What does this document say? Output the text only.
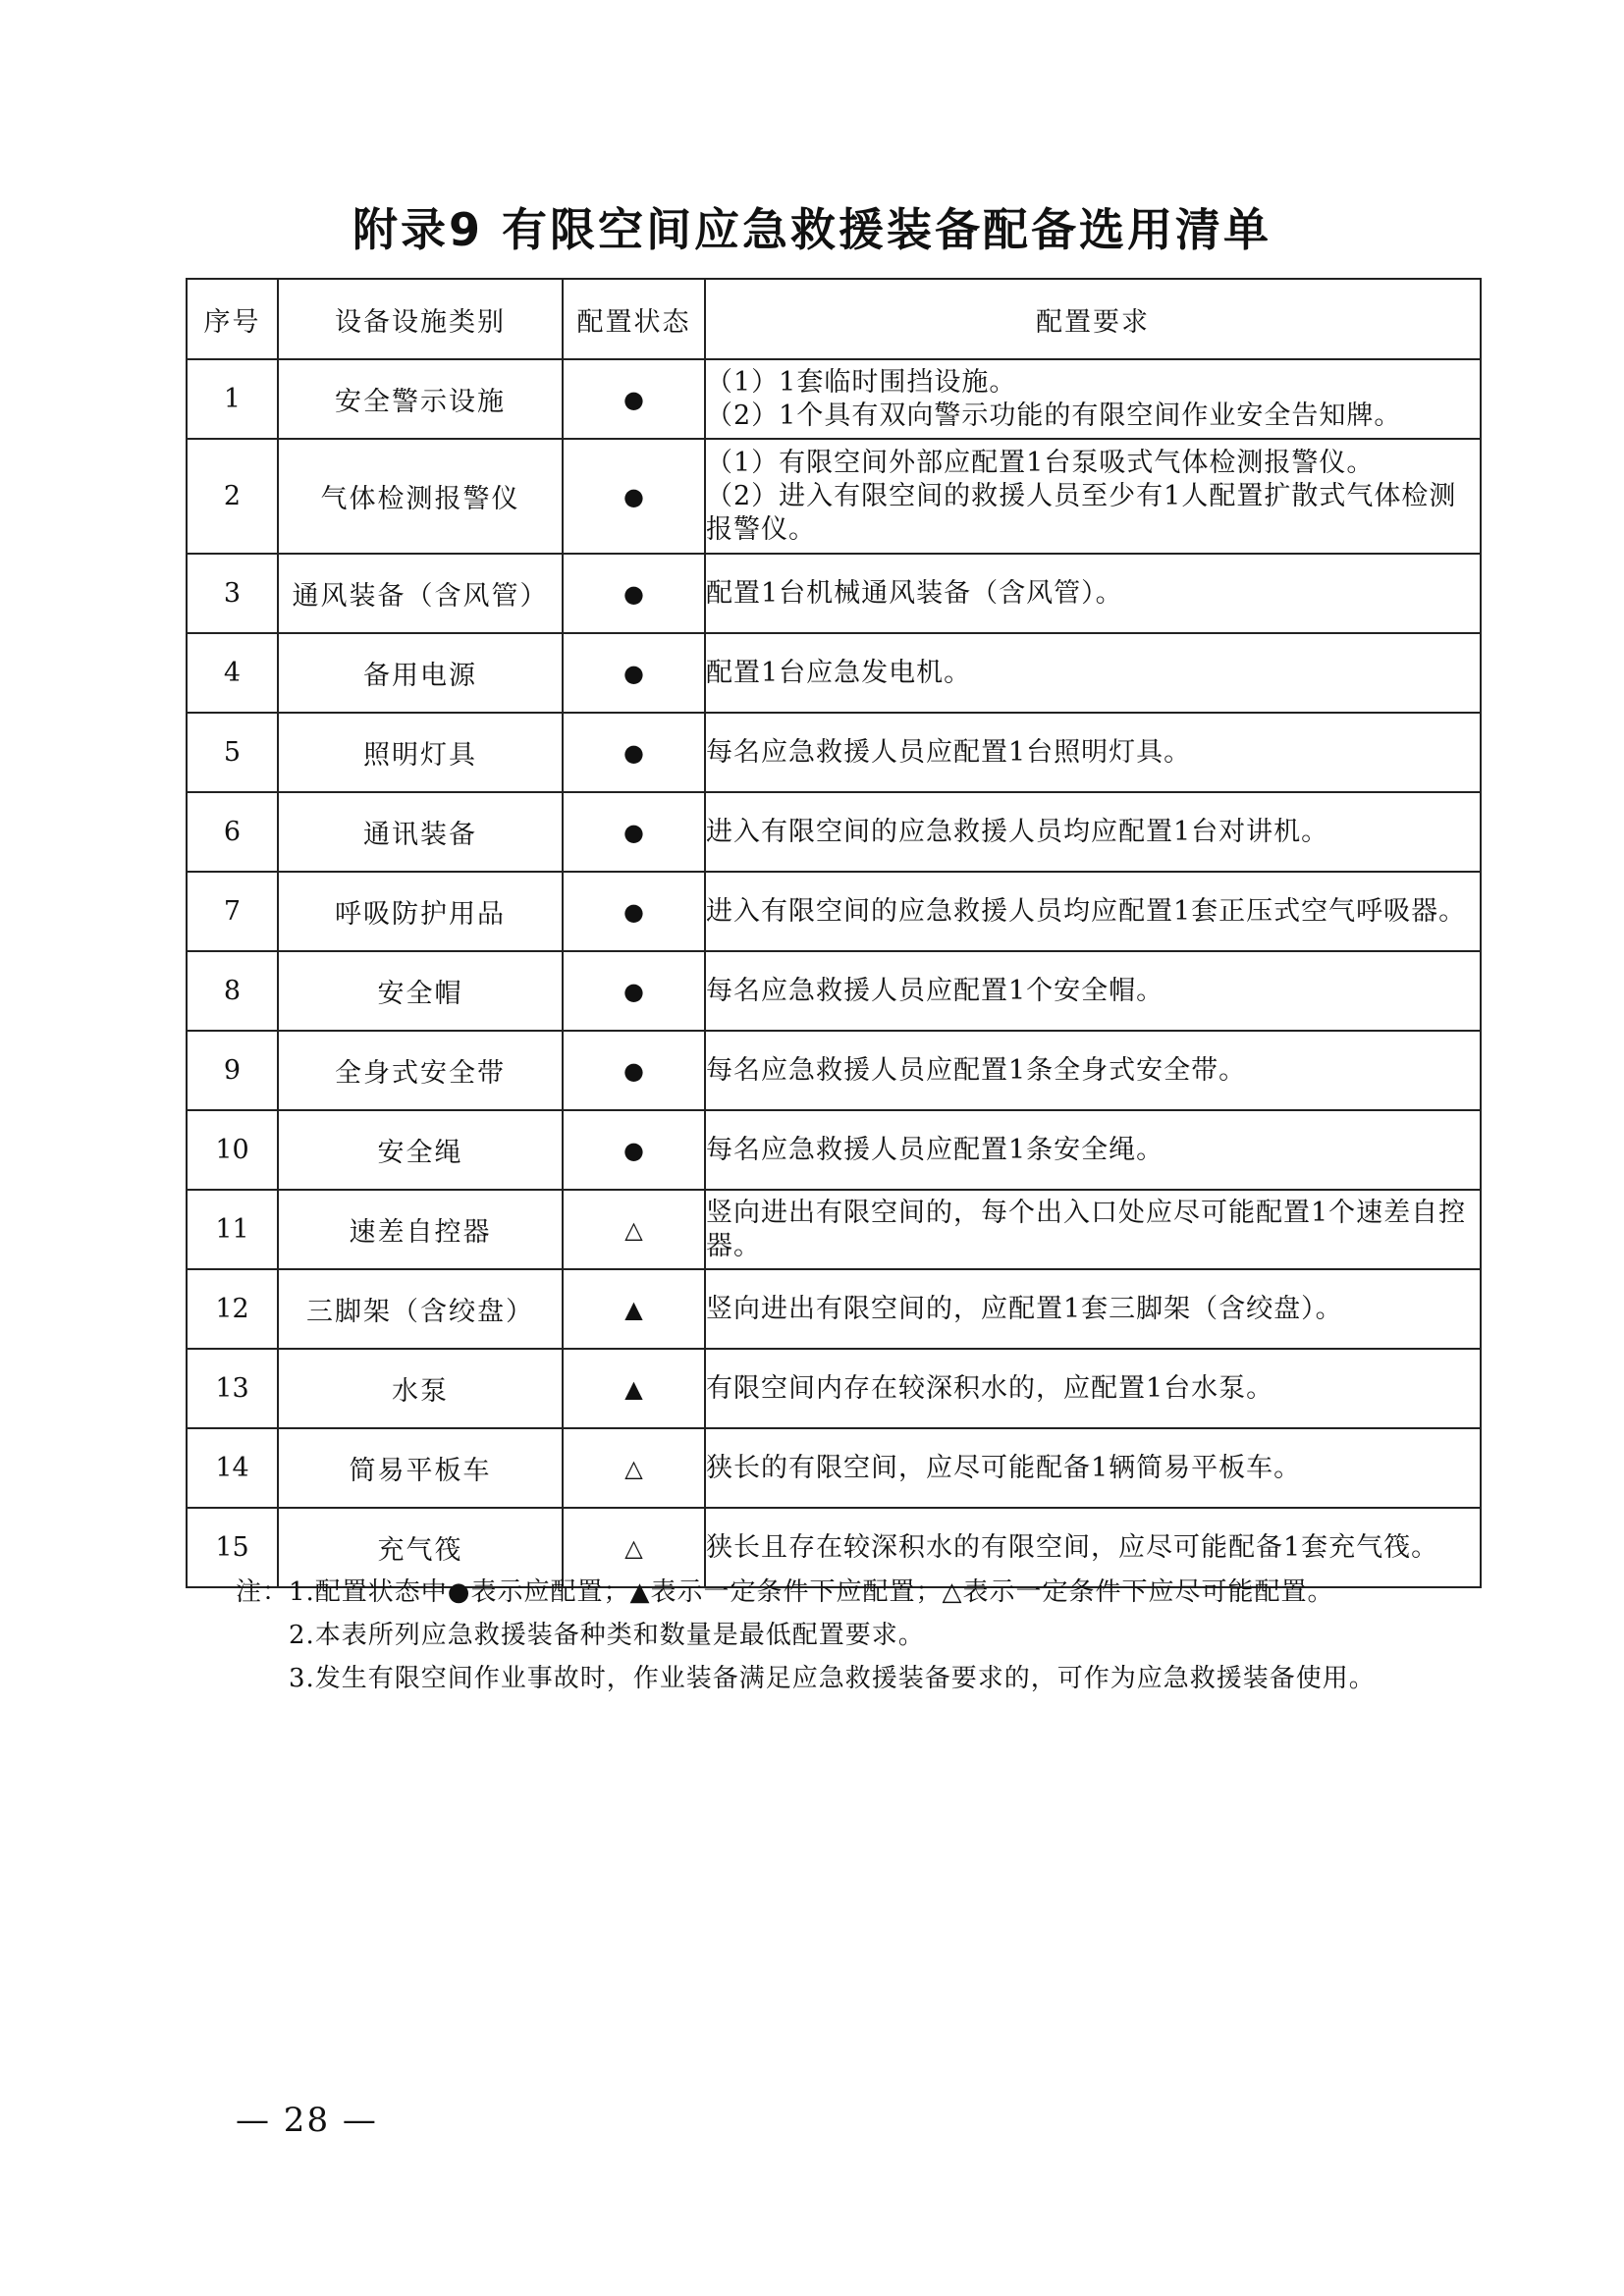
附录9 有限空间应急救援装备配备选用清单
序号	设备设施类别	配置状态	配置要求
1	安全警示设施	●	（1）1套临时围挡设施。
（2）1个具有双向警示功能的有限空间作业安全告知牌。

2	气体检测报警仪	●	（1）有限空间外部应配置1台泵吸式气体检测报警仪。
（2）进入有限空间的救援人员至少有1人配置扩散式气体检测报警仪。

3	通风装备（含风管）	●	配置1台机械通风装备（含风管）。

4	备用电源	●	配置1台应急发电机。

5	照明灯具	●	每名应急救援人员应配置1台照明灯具。

6	通讯装备	●	进入有限空间的应急救援人员均应配置1台对讲机。

7	呼吸防护用品	●	进入有限空间的应急救援人员均应配置1套正压式空气呼吸器。

8	安全帽	●	每名应急救援人员应配置1个安全帽。

9	全身式安全带	●	每名应急救援人员应配置1条全身式安全带。

10	安全绳	●	每名应急救援人员应配置1条安全绳。

11	速差自控器	△	竖向进出有限空间的，每个出入口处应尽可能配置1个速差自控器。

12	三脚架（含绞盘）	▲	竖向进出有限空间的，应配置1套三脚架（含绞盘）。

13	水泵	▲	有限空间内存在较深积水的，应配置1台水泵。

14	简易平板车	△	狭长的有限空间，应尽可能配备1辆简易平板车。

15	充气筏	△	狭长且存在较深积水的有限空间，应尽可能配备1套充气筏。
注：1.配置状态中●表示应配置；▲表示一定条件下应配置；△表示一定条件下应尽可能配置。
2.本表所列应急救援装备种类和数量是最低配置要求。
3.发生有限空间作业事故时，作业装备满足应急救援装备要求的，可作为应急救援装备使用。
— 28 —
